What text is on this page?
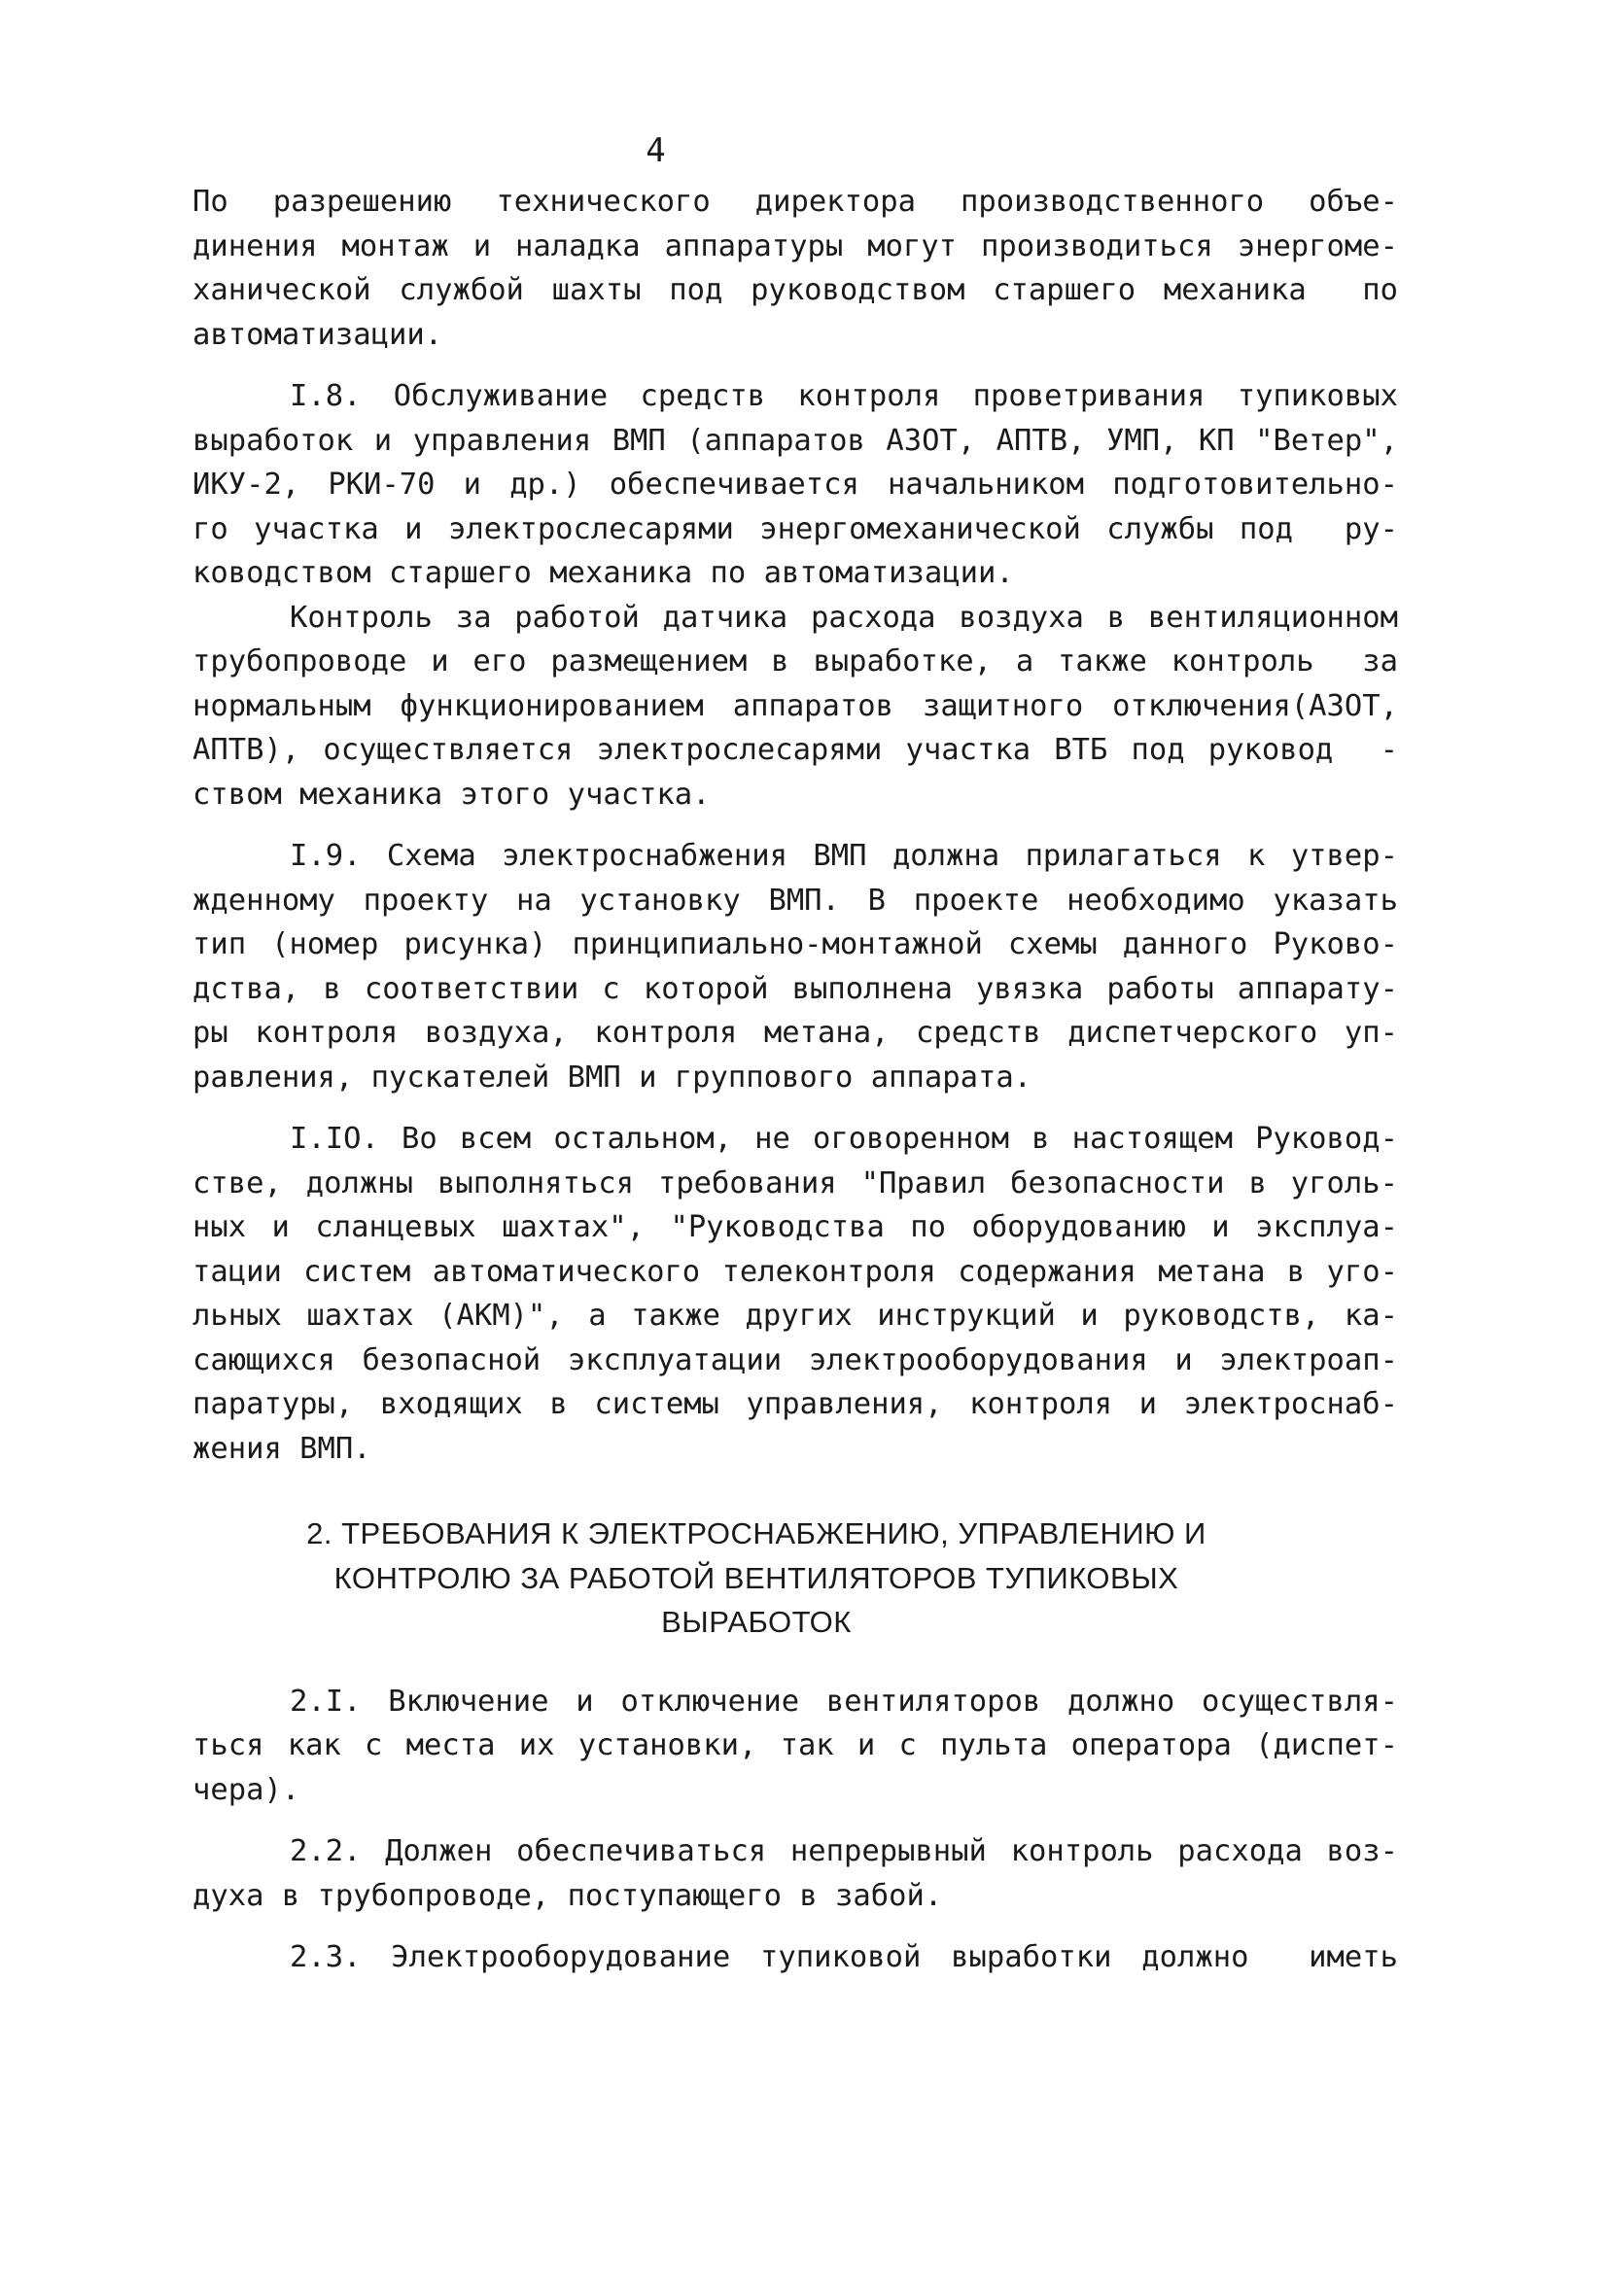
4
По разрешению технического директора производственного объе-
динения монтаж и наладка аппаратуры могут производиться энергоме-
ханической службой шахты под руководством старшего механика  по
автоматизации.
I.8. Обслуживание средств контроля проветривания тупиковых
выработок и управления ВМП (аппаратов АЗОТ, АПТВ, УМП, КП "Ветер",
ИКУ-2, РКИ-70 и др.) обеспечивается начальником подготовительно-
го участка и электрослесарями энергомеханической службы под  ру-
ководством старшего механика по автоматизации.
Контроль за работой датчика расхода воздуха в вентиляционном
трубопроводе и его размещением в выработке, а также контроль  за
нормальным функционированием аппаратов защитного отключения(АЗОТ,
АПТВ), осуществляется электрослесарями участка ВТБ под руковод  -
ством механика этого участка.
I.9. Схема электроснабжения ВМП должна прилагаться к утвер-
жденному проекту на установку ВМП. В проекте необходимо указать
тип (номер рисунка) принципиально-монтажной схемы данного Руково-
дства, в соответствии с которой выполнена увязка работы аппарату-
ры контроля воздуха, контроля метана, средств диспетчерского уп-
равления, пускателей ВМП и группового аппарата.
I.IO. Во всем остальном, не оговоренном в настоящем Руковод-
стве, должны выполняться требования "Правил безопасности в уголь-
ных и сланцевых шахтах", "Руководства по оборудованию и эксплуа-
тации систем автоматического телеконтроля содержания метана в уго-
льных шахтах (АКМ)", а также других инструкций и руководств, ка-
сающихся безопасной эксплуатации электрооборудования и электроап-
паратуры, входящих в системы управления, контроля и электроснаб-
жения ВМП.
2. ТРЕБОВАНИЯ К ЭЛЕКТРОСНАБЖЕНИЮ, УПРАВЛЕНИЮ И
КОНТРОЛЮ ЗА РАБОТОЙ ВЕНТИЛЯТОРОВ ТУПИКОВЫХ
ВЫРАБОТОК
2.I. Включение и отключение вентиляторов должно осуществля-
ться как с места их установки, так и с пульта оператора (диспет-
чера).
2.2. Должен обеспечиваться непрерывный контроль расхода воз-
духа в трубопроводе, поступающего в забой.
2.3. Электрооборудование тупиковой выработки должно  иметь
